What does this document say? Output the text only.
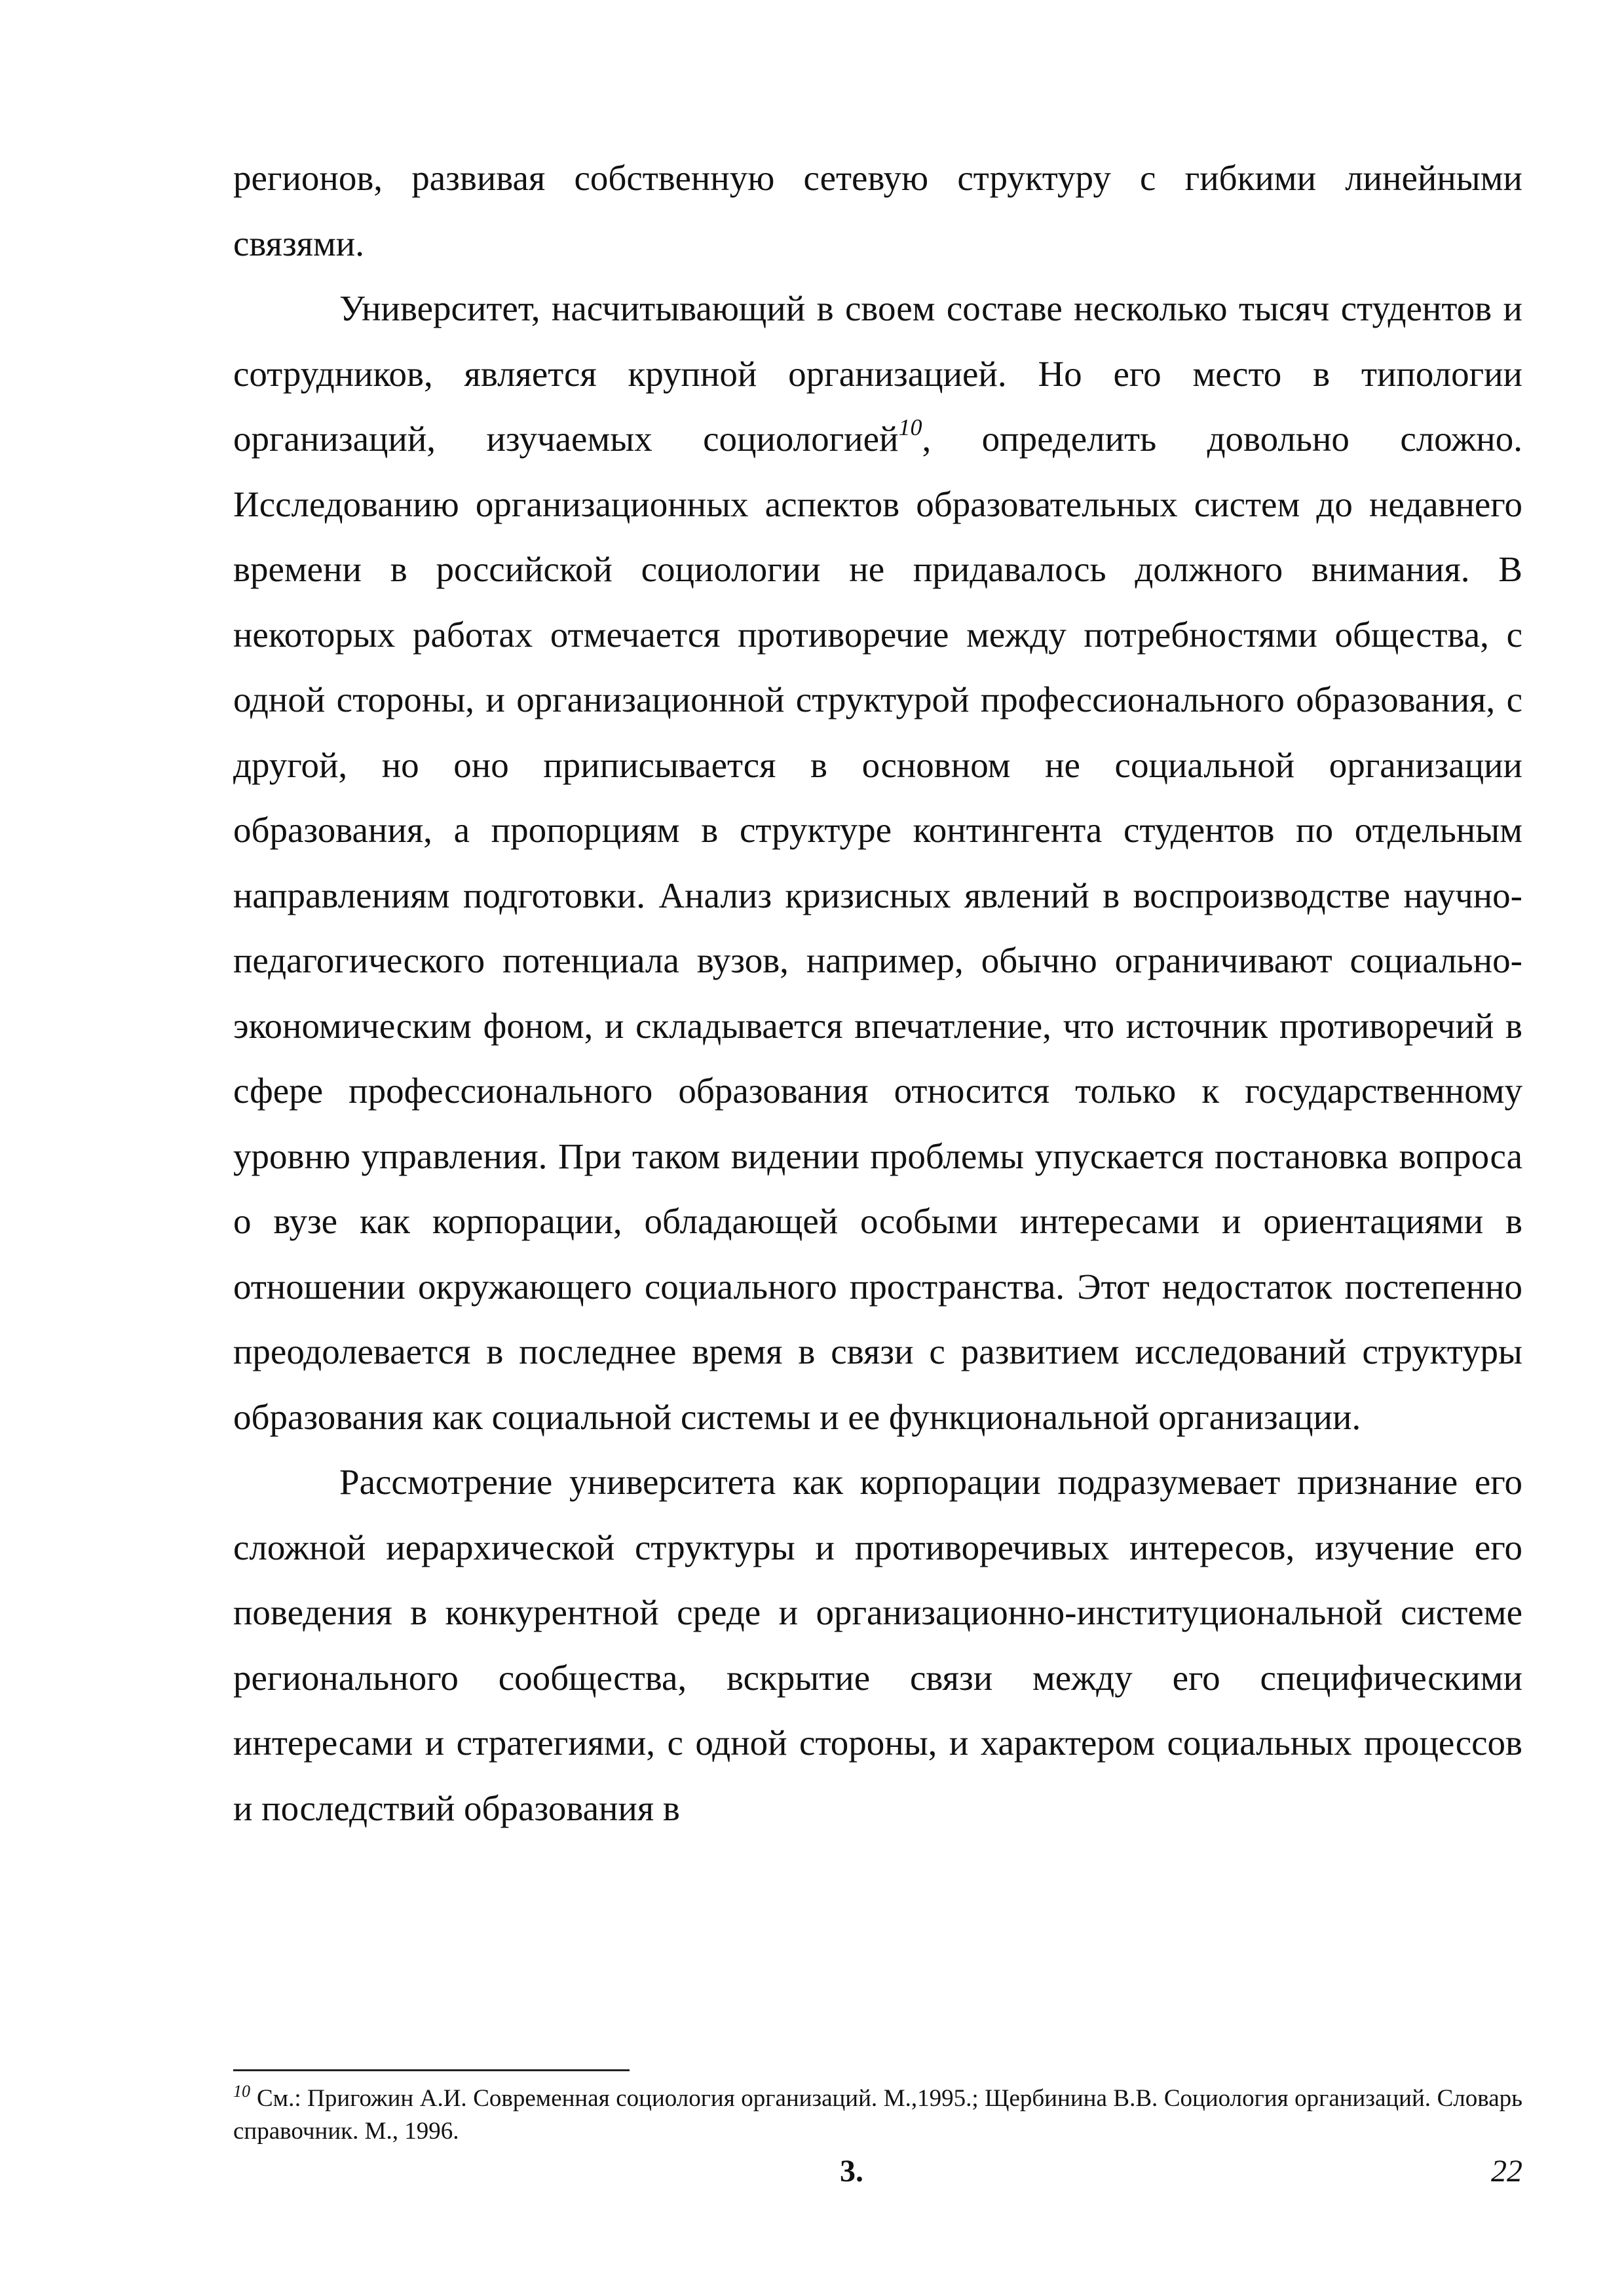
регионов, развивая собственную сетевую структуру с гибкими линейными связями.

Университет, насчитывающий в своем составе несколько тысяч студентов и сотрудников, является крупной организацией. Но его место в типологии организаций, изучаемых социологией$^{10}$, определить довольно сложно. Исследованию организационных аспектов образовательных систем до недавнего времени в российской социологии не придавалось должного внимания. В некоторых работах отмечается противоречие между потребностями общества, с одной стороны, и организационной структурой профессионального образования, с другой, но оно приписывается в основном не социальной организации образования, а пропорциям в структуре контингента студентов по отдельным направлениям подготовки. Анализ кризисных явлений в воспроизводстве научно-педагогического потенциала вузов, например, обычно ограничивают социально-экономическим фоном, и складывается впечатление, что источник противоречий в сфере профессионального образования относится только к государственному уровню управления. При таком видении проблемы упускается постановка вопроса о вузе как корпорации, обладающей особыми интересами и ориентациями в отношении окружающего социального пространства. Этот недостаток постепенно преодолевается в последнее время в связи с развитием исследований структуры образования как социальной системы и ее функциональной организации.

Рассмотрение университета как корпорации подразумевает признание его сложной иерархической структуры и противоречивых интересов, изучение его поведения в конкурентной среде и организационно-институциональной системе регионального сообщества, вскрытие связи между его специфическими интересами и стратегиями, с одной стороны, и характером социальных процессов и последствий образования в

$^{10}$ См.: Пригожин А.И. Современная социология организаций. М.,1995.; Щербинина В.В. Социология организаций. Словарь справочник. М., 1996.
3.	22
